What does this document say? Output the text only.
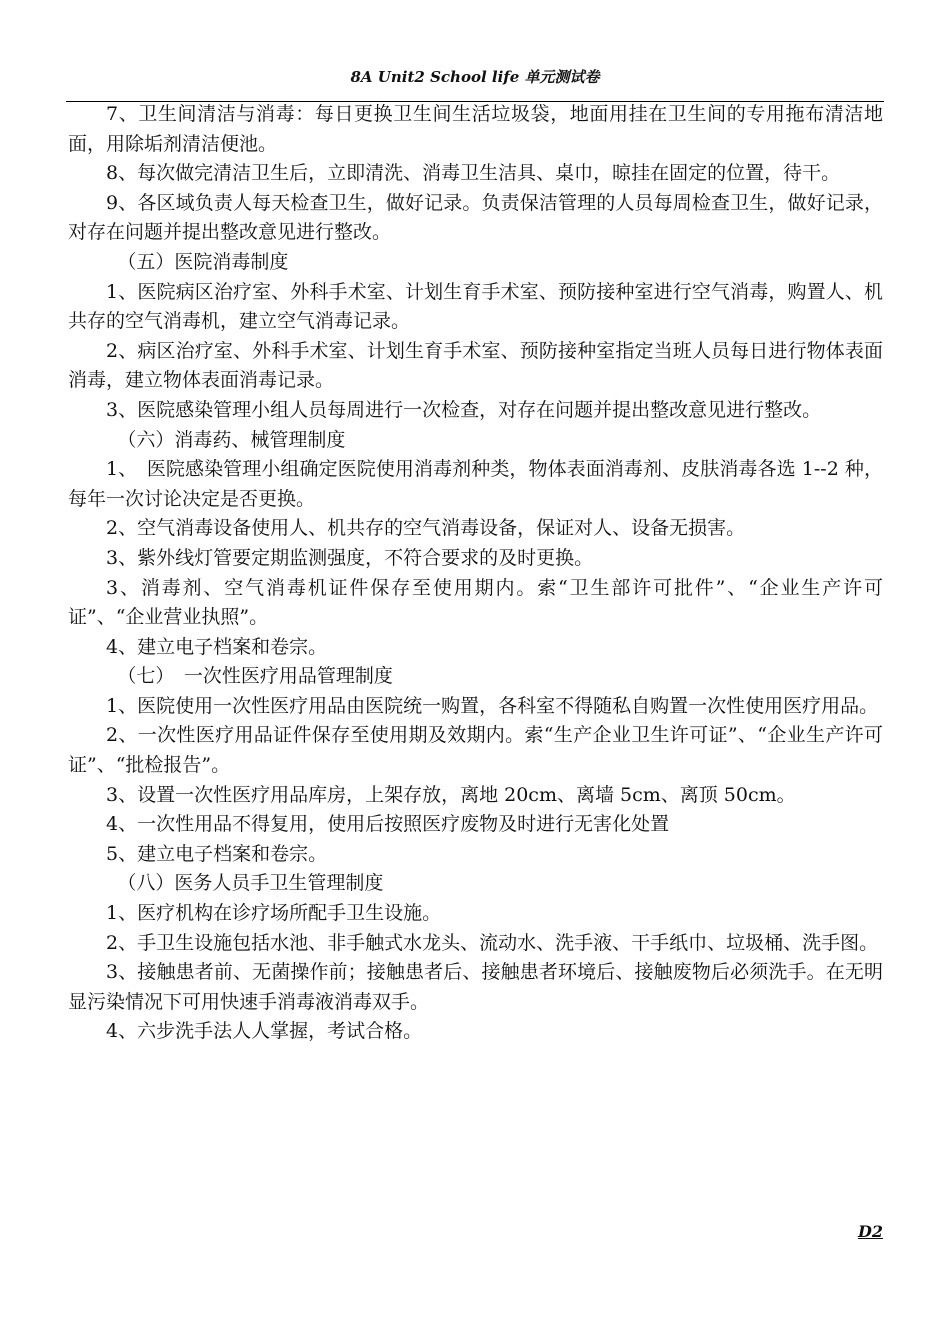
8A Unit2 School life 单元测试卷

7、卫生间清洁与消毒：每日更换卫生间生活垃圾袋，地面用挂在卫生间的专用拖布清洁地面，用除垢剂清洁便池。

8、每次做完清洁卫生后，立即清洗、消毒卫生洁具、桌巾，晾挂在固定的位置，待干。

9、各区域负责人每天检查卫生，做好记录。负责保洁管理的人员每周检查卫生，做好记录，对存在问题并提出整改意见进行整改。

（五）医院消毒制度

1、医院病区治疗室、外科手术室、计划生育手术室、预防接种室进行空气消毒，购置人、机共存的空气消毒机，建立空气消毒记录。

2、病区治疗室、外科手术室、计划生育手术室、预防接种室指定当班人员每日进行物体表面消毒，建立物体表面消毒记录。

3、医院感染管理小组人员每周进行一次检查，对存在问题并提出整改意见进行整改。

（六）消毒药、械管理制度

1、　医院感染管理小组确定医院使用消毒剂种类，物体表面消毒剂、皮肤消毒各选 1--2 种，每年一次讨论决定是否更换。

2、空气消毒设备使用人、机共存的空气消毒设备，保证对人、设备无损害。

3、紫外线灯管要定期监测强度，不符合要求的及时更换。

3、消毒剂、空气消毒机证件保存至使用期内。索“卫生部许可批件”、“企业生产许可证”、“企业营业执照”。

4、建立电子档案和卷宗。

（七）　一次性医疗用品管理制度

1、医院使用一次性医疗用品由医院统一购置，各科室不得随私自购置一次性使用医疗用品。

2、一次性医疗用品证件保存至使用期及效期内。索“生产企业卫生许可证”、“企业生产许可证”、“批检报告”。

3、设置一次性医疗用品库房，上架存放，离地 20cm、离墙 5cm、离顶 50cm。

4、一次性用品不得复用，使用后按照医疗废物及时进行无害化处置

5、建立电子档案和卷宗。

（八）医务人员手卫生管理制度

1、医疗机构在诊疗场所配手卫生设施。

2、手卫生设施包括水池、非手触式水龙头、流动水、洗手液、干手纸巾、垃圾桶、洗手图。

3、接触患者前、无菌操作前；接触患者后、接触患者环境后、接触废物后必须洗手。在无明显污染情况下可用快速手消毒液消毒双手。

4、六步洗手法人人掌握，考试合格。

D2
